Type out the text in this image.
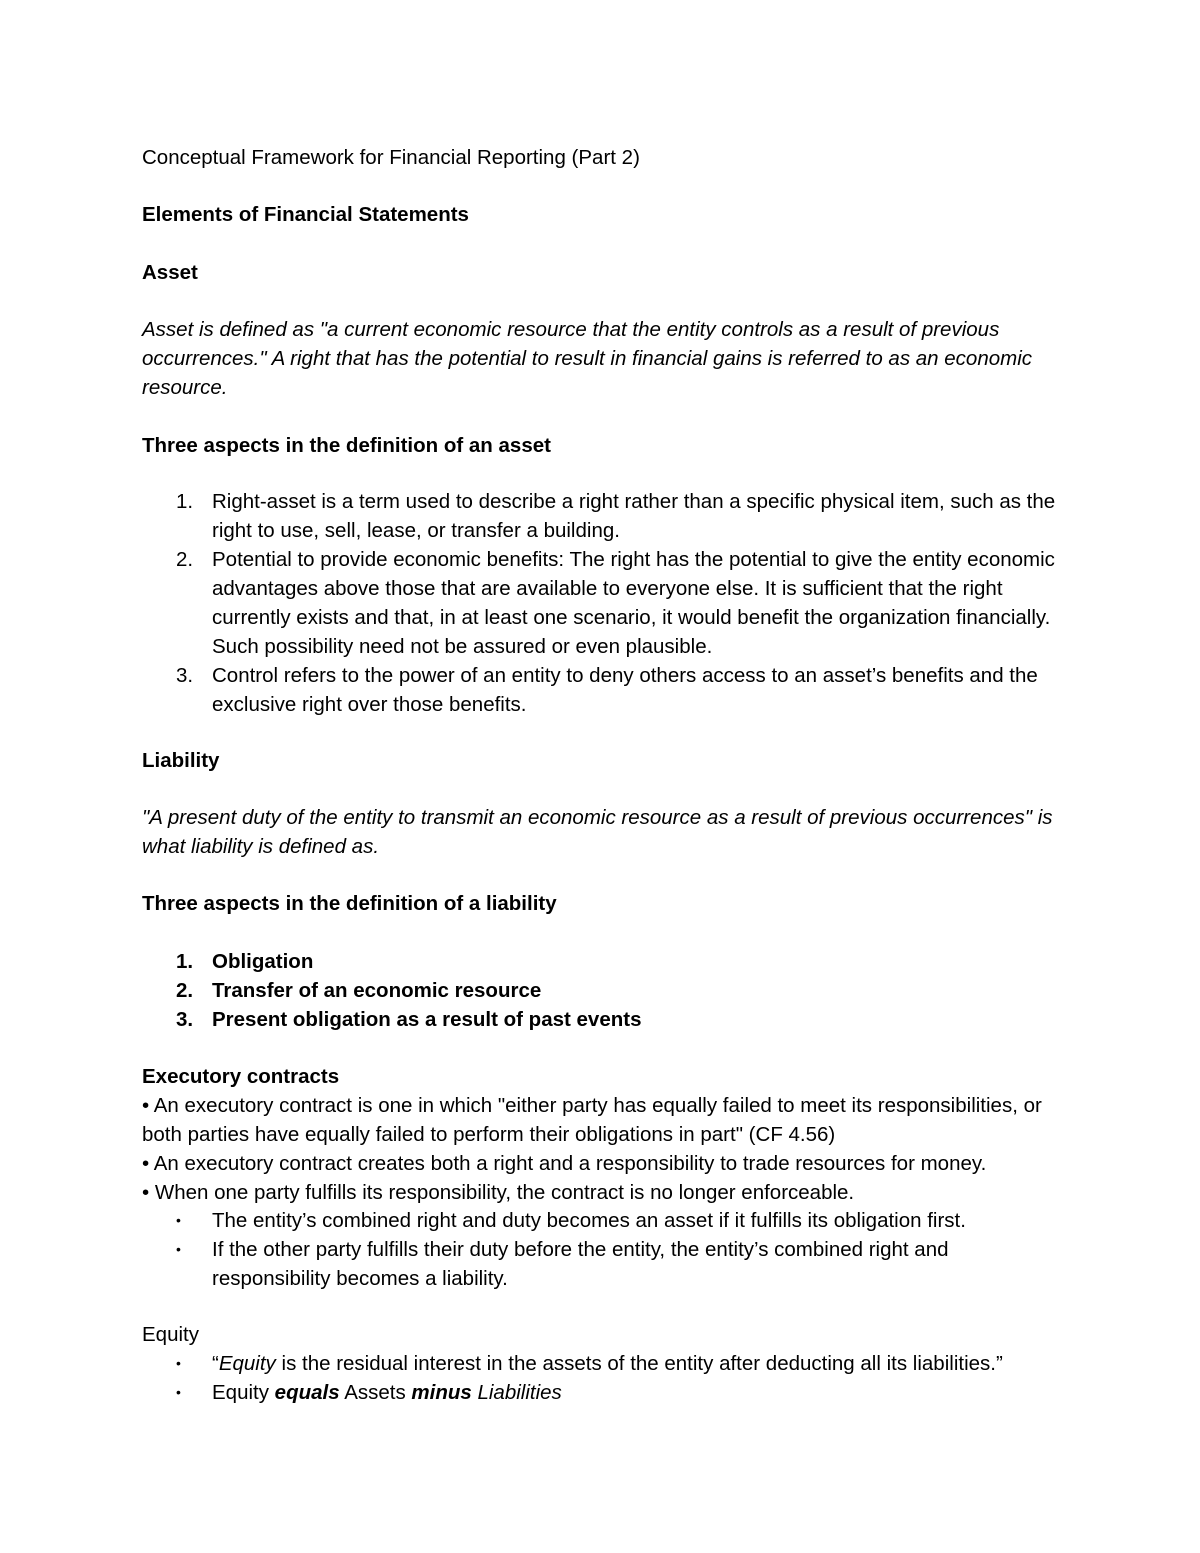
Conceptual Framework for Financial Reporting (Part 2)

Elements of Financial Statements

Asset

Asset is defined as "a current economic resource that the entity controls as a result of previous occurrences." A right that has the potential to result in financial gains is referred to as an economic resource.

Three aspects in the definition of an asset

1. Right-asset is a term used to describe a right rather than a specific physical item, such as the right to use, sell, lease, or transfer a building.
2. Potential to provide economic benefits: The right has the potential to give the entity economic advantages above those that are available to everyone else. It is sufficient that the right currently exists and that, in at least one scenario, it would benefit the organization financially. Such possibility need not be assured or even plausible.
3. Control refers to the power of an entity to deny others access to an asset’s benefits and the exclusive right over those benefits.

Liability

"A present duty of the entity to transmit an economic resource as a result of previous occurrences" is what liability is defined as.

Three aspects in the definition of a liability

1. Obligation
2. Transfer of an economic resource
3. Present obligation as a result of past events

Executory contracts

• An executory contract is one in which "either party has equally failed to meet its responsibilities, or both parties have equally failed to perform their obligations in part" (CF 4.56)
• An executory contract creates both a right and a responsibility to trade resources for money.
• When one party fulfills its responsibility, the contract is no longer enforceable.
• The entity’s combined right and duty becomes an asset if it fulfills its obligation first.
• If the other party fulfills their duty before the entity, the entity’s combined right and responsibility becomes a liability.

Equity

• “Equity is the residual interest in the assets of the entity after deducting all its liabilities.”
• Equity equals Assets minus Liabilities
